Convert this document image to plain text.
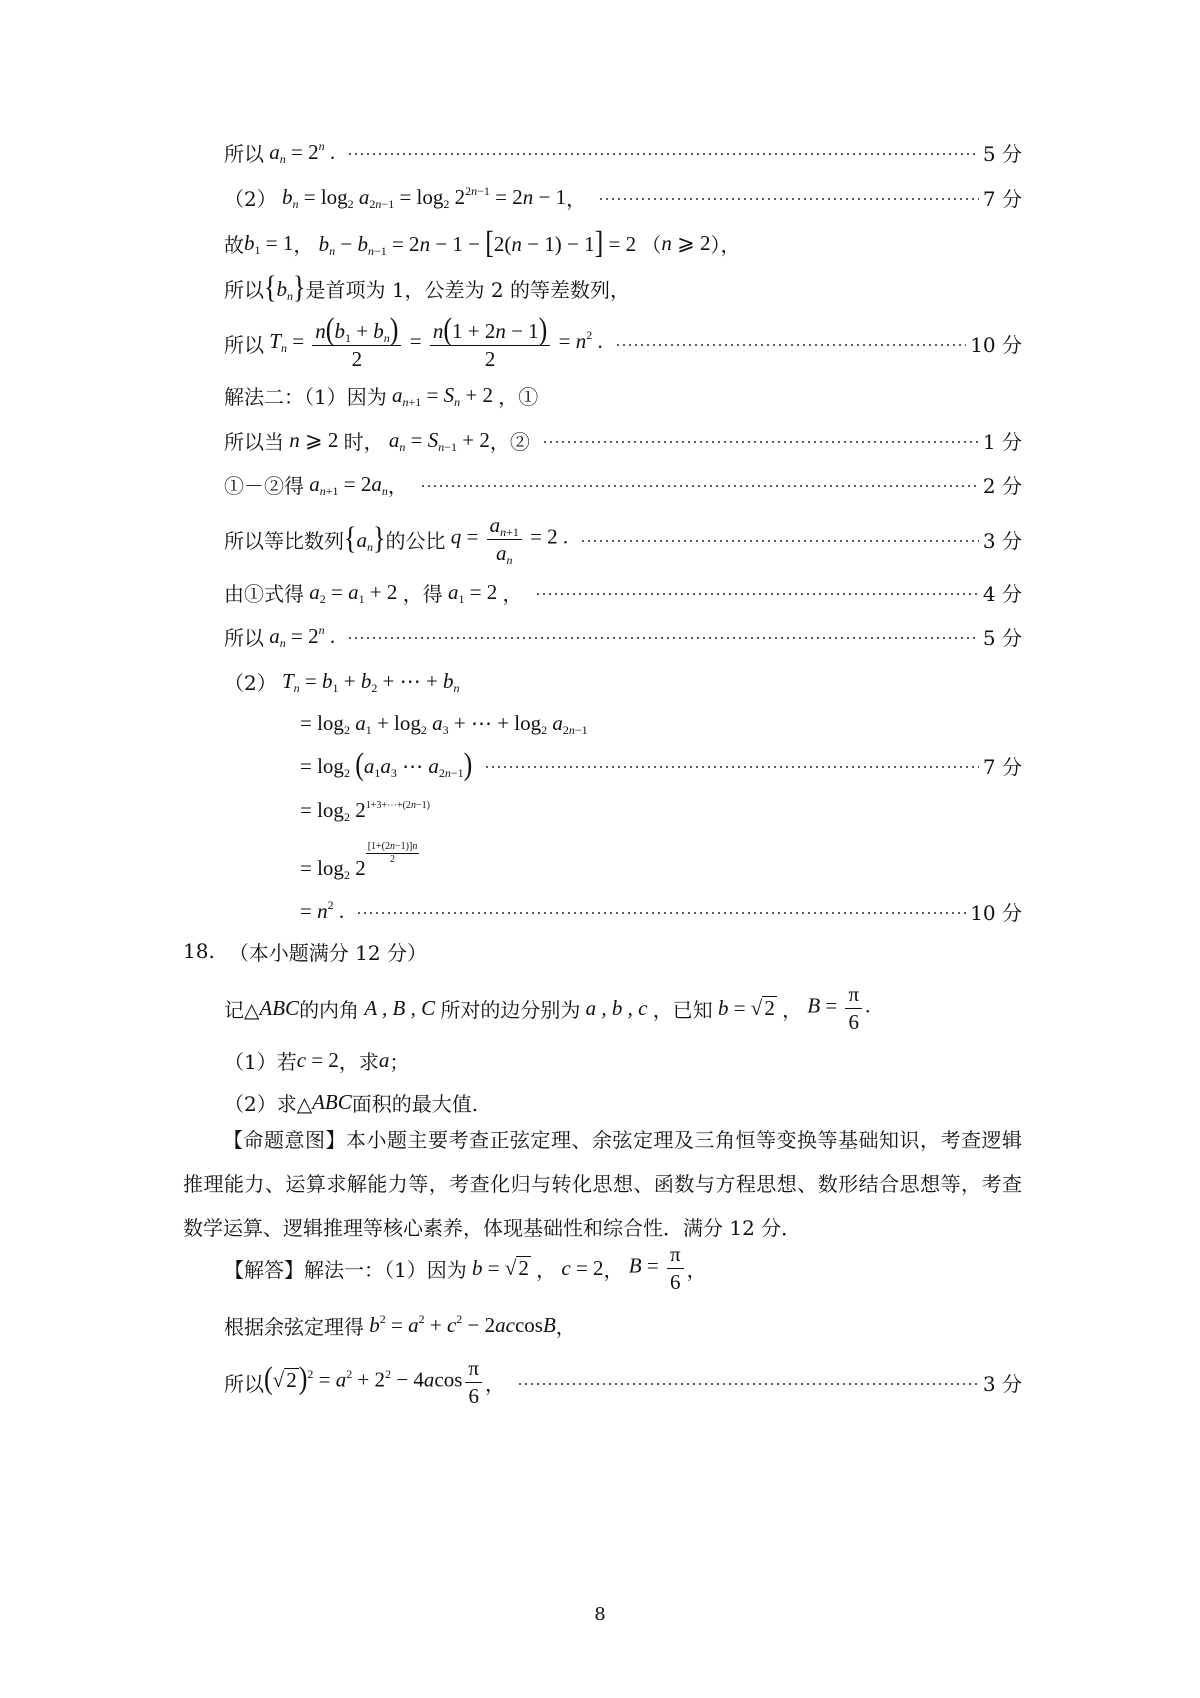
所以 $a_n = 2^n$ .	5 分
（2） $b_n = \log_2 a_{2n-1} = \log_2 2^{2n-1} = 2n - 1$ ，	7 分
故 $b_1 = 1$ ， $b_n - b_{n-1} = 2n - 1 - [2(n - 1) - 1] = 2$ （ n ⩾ 2 ），
所以 $\{b_n\}$ 是首项为 1，公差为 2 的等差数列，
所以 $T_n = \frac{n(b_1 + b_n)}{2} = \frac{n(1 + 2n - 1)}{2} = n^2$ .	10 分
解法二：（1）因为 $a_{n+1} = S_n + 2$ ，①
所以当 n ⩾ 2 时， $a_n = S_{n-1} + 2$ ，②	1 分
①－②得 $a_{n+1} = 2a_n$ ，	2 分
所以等比数列 $\{a_n\}$ 的公比 $q = \frac{a_{n+1}}{a_n} = 2$ .	3 分
由①式得 $a_2 = a_1 + 2$ ，得 $a_1 = 2$ ，	4 分
所以 $a_n = 2^n$ .	5 分
（2） $T_n = b_1 + b_2$ + ⋯ + $b_n$
= $\log_2 a_1 + \log_2 a_3$ + ⋯ + $\log_2 a_{2n-1}$
= $\log_2 (a_1a_3$ ⋯ $a_{2n-1}$)	7 分
= $\log_2 2^{1+3+\cdots+(2n-1)}$
= $\log_2 2$
$\frac{[1+(2n-1)]n}{2}$
= $n^2$ .	10 分
18. （本小题满分 12 分）
记△ ABC 的内角 A , B , C 所对的边分别为 a , b , c ，已知 b = √ 2
， $B = \frac{\pi}{6}$ .
（1）若 c = 2 ，求 a ；
（2）求△ ABC 面积的最大值.

【命题意图】本小题主要考查正弦定理、余弦定理及三角恒等变换等基础知识，考查逻辑推理能力、运算求解能力等，考查化归与转化思想、函数与方程思想、数形结合思想等，考查数学运算、逻辑推理等核心素养，体现基础性和综合性．满分 12 分．

【解答】解法一：（1）因为 b = √ 2
， c = 2 ， $B = \frac{\pi}{6}$ ，
根据余弦定理得 $b^2 = a^2 + c^2 - 2accosB$ ，
所以 (√ 2 )$^2 = a^2 + 2^2 - 4acos \frac{\pi}{6}$ ，	3 分
8
